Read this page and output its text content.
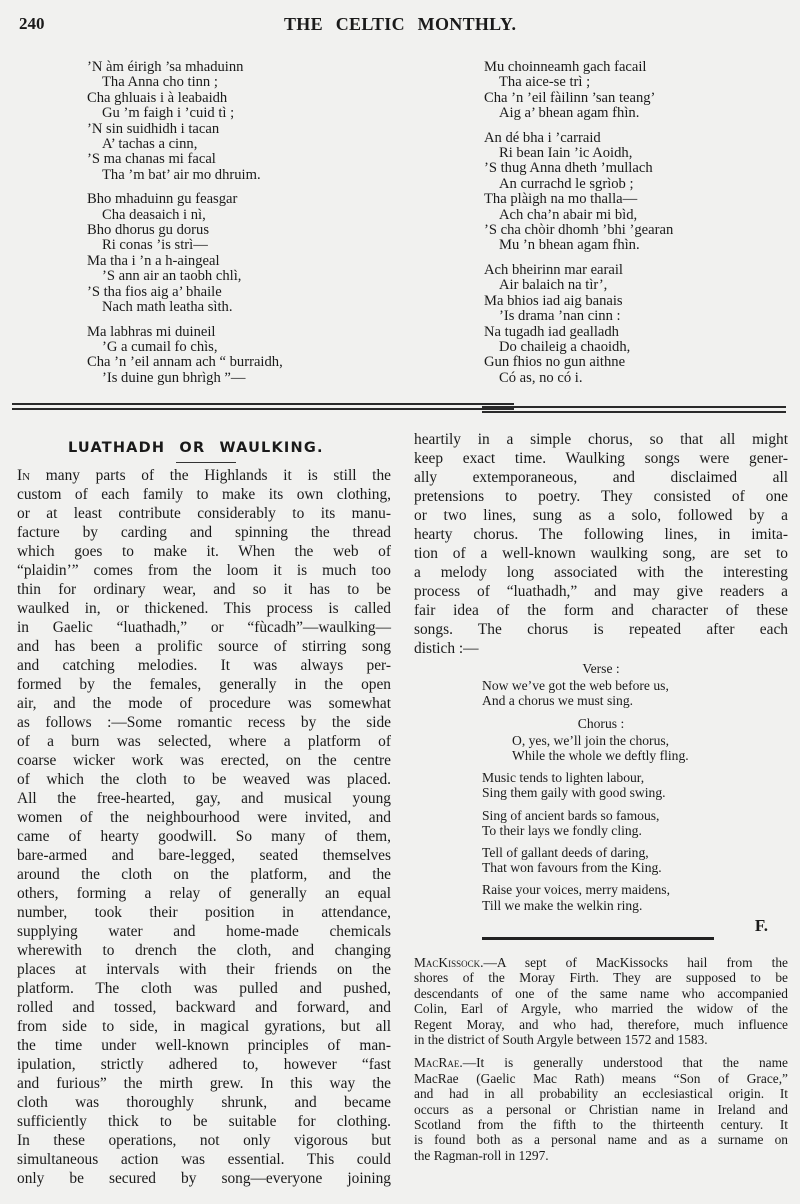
240	THE CELTIC MONTHLY.
’N àm éirigh ’sa mhaduinn
Tha Anna cho tinn ;
Cha ghluais i à leabaidh
Gu ’m faigh i ’cuid tì ;
’N sin suidhidh i tacan
A’ tachas a cinn,
’S ma chanas mi facal
Tha ’m bat’ air mo dhruim.
Bho mhaduinn gu feasgar
Cha deasaich i nì,
Bho dhorus gu dorus
Ri conas ’is strì—
Ma tha i ’n a h-aingeal
’S ann air an taobh chlì,
’S tha fios aig a’ bhaile
Nach math leatha sìth.
Ma labhras mi duineil
’G a cumail fo chìs,
Cha ’n ’eil annam ach “ burraidh,
’Is duine gun bhrìgh ”—
Mu choinneamh gach facail
Tha aice-se trì ;
Cha ’n ’eil fàilinn ’san teang’
Aig a’ bhean agam fhìn.
An dé bha i ’carraid
Ri bean Iain ’ic Aoidh,
’S thug Anna dheth ’mullach
An currachd le sgrìob ;
Tha plàigh na mo thalla—
Ach cha’n abair mi bìd,
’S cha chòir dhomh ’bhi ’gearan
Mu ’n bhean agam fhìn.
Ach bheirinn mar earail
Air balaich na tìr’,
Ma bhios iad aig banais
’Is drama ’nan cinn :
Na tugadh iad gealladh
Do chaileig a chaoidh,
Gun fhios no gun aithne
Có as, no có i.
LUATHADH OR WAULKING.
In many parts of the Highlands it is still the
custom of each family to make its own clothing,
or at least contribute considerably to its manu-
facture by carding and spinning the thread
which goes to make it. When the web of
“plaidin’” comes from the loom it is much too
thin for ordinary wear, and so it has to be
waulked in, or thickened. This process is called
in Gaelic “luathadh,” or “fùcadh”—waulking—
and has been a prolific source of stirring song
and catching melodies. It was always per-
formed by the females, generally in the open
air, and the mode of procedure was somewhat
as follows :—Some romantic recess by the side
of a burn was selected, where a platform of
coarse wicker work was erected, on the centre
of which the cloth to be weaved was placed.
All the free-hearted, gay, and musical young
women of the neighbourhood were invited, and
came of hearty goodwill. So many of them,
bare-armed and bare-legged, seated themselves
around the cloth on the platform, and the
others, forming a relay of generally an equal
number, took their position in attendance,
supplying water and home-made chemicals
wherewith to drench the cloth, and changing
places at intervals with their friends on the
platform. The cloth was pulled and pushed,
rolled and tossed, backward and forward, and
from side to side, in magical gyrations, but all
the time under well-known principles of man-
ipulation, strictly adhered to, however “fast
and furious” the mirth grew. In this way the
cloth was thoroughly shrunk, and became
sufficiently thick to be suitable for clothing.
In these operations, not only vigorous but
simultaneous action was essential. This could
only be secured by song—everyone joining
heartily in a simple chorus, so that all might
keep exact time. Waulking songs were gener-
ally extemporaneous, and disclaimed all
pretensions to poetry. They consisted of one
or two lines, sung as a solo, followed by a
hearty chorus. The following lines, in imita-
tion of a well-known waulking song, are set to
a melody long associated with the interesting
process of “luathadh,” and may give readers a
fair idea of the form and character of these
songs. The chorus is repeated after each
distich :—
Verse :
Now we’ve got the web before us,
And a chorus we must sing.
Chorus :
O, yes, we’ll join the chorus,
While the whole we deftly fling.
Music tends to lighten labour,
Sing them gaily with good swing.
Sing of ancient bards so famous,
To their lays we fondly cling.
Tell of gallant deeds of daring,
That won favours from the King.
Raise your voices, merry maidens,
Till we make the welkin ring.
F.
MacKissock.—A sept of MacKissocks hail from the
shores of the Moray Firth. They are supposed to be
descendants of one of the same name who accompanied
Colin, Earl of Argyle, who married the widow of the
Regent Moray, and who had, therefore, much influence
in the district of South Argyle between 1572 and 1583.
MacRae.—It is generally understood that the name
MacRae (Gaelic Mac Rath) means “Son of Grace,”
and had in all probability an ecclesiastical origin. It
occurs as a personal or Christian name in Ireland and
Scotland from the fifth to the thirteenth century. It
is found both as a personal name and as a surname on
the Ragman-roll in 1297.
